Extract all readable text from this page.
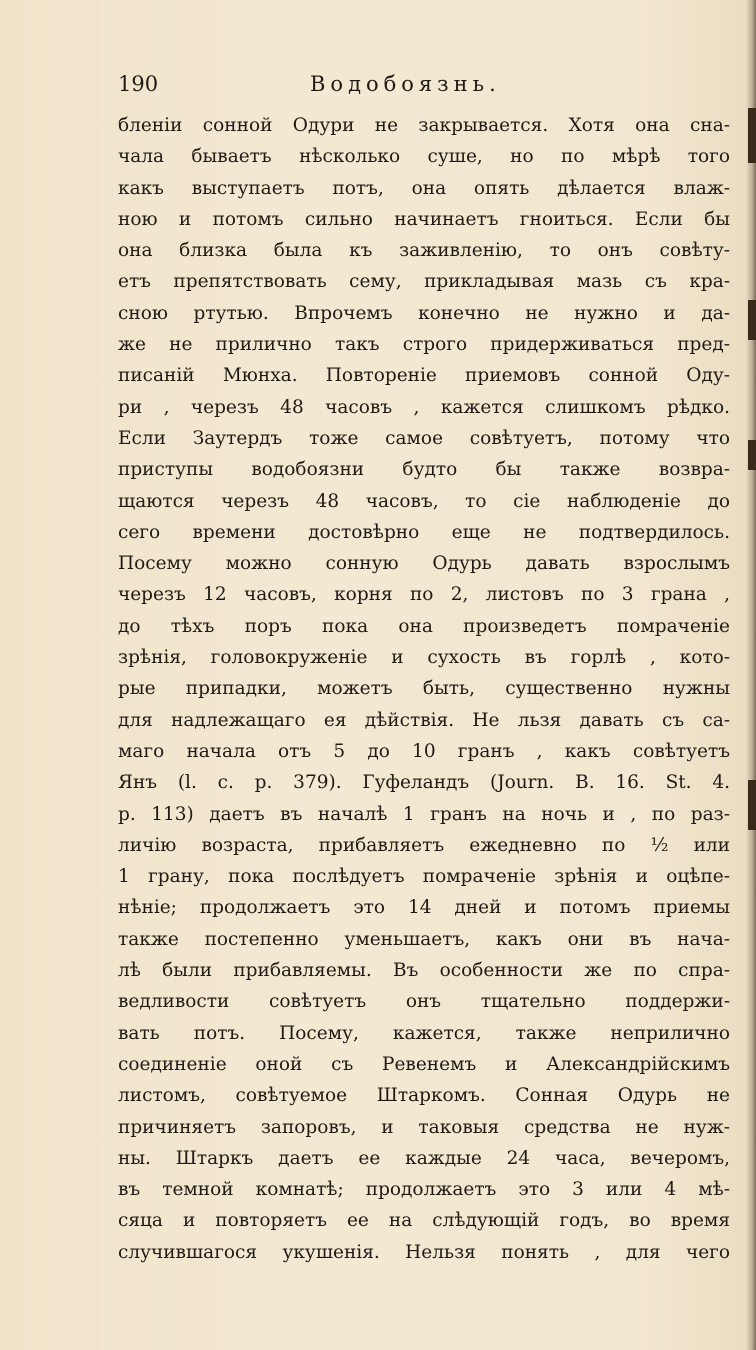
190	Водобоязнь.
бленіи сонной Одури не закрывается. Хотя она сна-
чала бываетъ нѣсколько суше, но по мѣрѣ того
какъ выступаетъ потъ, она опять дѣлается влаж-
ною и потомъ сильно начинаетъ гноиться. Если бы
она близка была къ заживленію, то онъ совѣту-
етъ препятствовать сему, прикладывая мазь съ кра-
сною ртутью. Впрочемъ конечно не нужно и да-
же не прилично такъ строго придерживаться пред-
писаній Мюнха. Повтореніе приемовъ сонной Оду-
ри , черезъ 48 часовъ , кажется слишкомъ рѣдко.
Если Заутердъ тоже самое совѣтуетъ, потому что
приступы водобоязни будто бы также возвра-
щаются черезъ 48 часовъ, то сіе наблюденіе до
сего времени достовѣрно еще не подтвердилось.
Посему можно сонную Одурь давать взрослымъ
черезъ 12 часовъ, корня по 2, листовъ по 3 грана ,
до тѣхъ поръ пока она произведетъ помраченіе
зрѣнія, головокруженіе и сухость въ горлѣ , кото-
рые припадки, можетъ быть, существенно нужны
для надлежащаго ея дѣйствія. Не льзя давать съ са-
маго начала отъ 5 до 10 гранъ , какъ совѣтуетъ
Янъ (l. c. p. 379). Гуфеландъ (Journ. B. 16. St. 4.
p. 113) даетъ въ началѣ 1 гранъ на ночь и , по раз-
личію возраста, прибавляетъ ежедневно по ½ или
1 грану, пока послѣдуетъ помраченіе зрѣнія и оцѣпе-
нѣніе; продолжаетъ это 14 дней и потомъ приемы
также постепенно уменьшаетъ, какъ они въ нача-
лѣ были прибавляемы. Въ особенности же по спра-
ведливости совѣтуетъ онъ тщательно поддержи-
вать потъ. Посему, кажется, также неприлично
соединеніе оной съ Ревенемъ и Александрійскимъ
листомъ, совѣтуемое Штаркомъ. Сонная Одурь не
причиняетъ запоровъ, и таковыя средства не нуж-
ны. Штаркъ даетъ ее каждые 24 часа, вечеромъ,
въ темной комнатѣ; продолжаетъ это 3 или 4 мѣ-
сяца и повторяетъ ее на слѣдующій годъ, во время
случившагося укушенія. Нельзя понять , для чего
